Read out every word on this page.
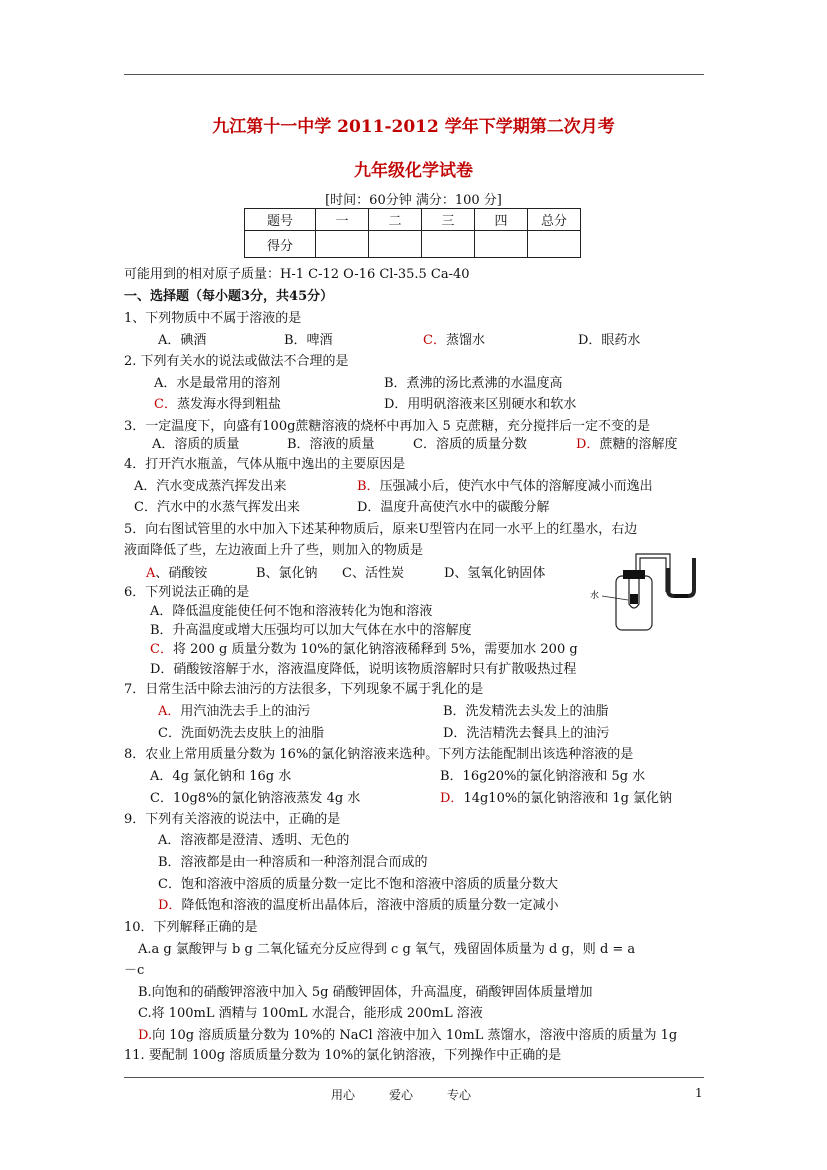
九江第十一中学 2011-2012 学年下学期第二次月考
九年级化学试卷
[时间：60分钟 满分：100 分]
题号	一	二	三	四	总分
得分					
可能用到的相对原子质量：H-1 C-12 O-16 Cl-35.5 Ca-40
一、选择题（每小题3分，共45分）
1、下列物质中不属于溶液的是
A．碘酒	B．啤酒	C．蒸馏水	D．眼药水
2. 下列有关水的说法或做法不合理的是
A．水是最常用的溶剂	B．煮沸的汤比煮沸的水温度高
C．蒸发海水得到粗盐	D．用明矾溶液来区别硬水和软水
3．一定温度下，向盛有100g蔗糖溶液的烧杯中再加入 5 克蔗糖，充分搅拌后一定不变的是
A．溶质的质量	B．溶液的质量	C．溶质的质量分数	D．蔗糖的溶解度
4．打开汽水瓶盖，气体从瓶中逸出的主要原因是
A．汽水变成蒸汽挥发出来	B．压强减小后，使汽水中气体的溶解度减小而逸出
C．汽水中的水蒸气挥发出来	D．温度升高使汽水中的碳酸分解
5．向右图试管里的水中加入下述某种物质后，原来U型管内在同一水平上的红墨水，右边
液面降低了些，左边液面上升了些，则加入的物质是
A、硝酸铵	B、氯化钠 C、活性炭	D、氢氧化钠固体
水
6．下列说法正确的是
A．降低温度能使任何不饱和溶液转化为饱和溶液
B．升高温度或增大压强均可以加大气体在水中的溶解度
C．将 200 g 质量分数为 10%的氯化钠溶液稀释到 5%，需要加水 200 g
D．硝酸铵溶解于水，溶液温度降低，说明该物质溶解时只有扩散吸热过程
7．日常生活中除去油污的方法很多，下列现象不属于乳化的是
A．用汽油洗去手上的油污	B．洗发精洗去头发上的油脂
C．洗面奶洗去皮肤上的油脂	D．洗洁精洗去餐具上的油污
8．农业上常用质量分数为 16%的氯化钠溶液来选种。下列方法能配制出该选种溶液的是
A．4g 氯化钠和 16g 水	B．16g20%的氯化钠溶液和 5g 水
C．10g8%的氯化钠溶液蒸发 4g 水	D．14g10%的氯化钠溶液和 1g 氯化钠
9．下列有关溶液的说法中，正确的是
A．溶液都是澄清、透明、无色的
B．溶液都是由一种溶质和一种溶剂混合而成的
C．饱和溶液中溶质的质量分数一定比不饱和溶液中溶质的质量分数大
D．降低饱和溶液的温度析出晶体后，溶液中溶质的质量分数一定减小
10．下列解释正确的是
A.a g 氯酸钾与 b g 二氧化锰充分反应得到 c g 氧气，残留固体质量为 d g，则 d = a
－c
B.向饱和的硝酸钾溶液中加入 5g 硝酸钾固体，升高温度，硝酸钾固体质量增加
C.将 100mL 酒精与 100mL 水混合，能形成 200mL 溶液
D.向 10g 溶质质量分数为 10%的 NaCl 溶液中加入 10mL 蒸馏水，溶液中溶质的质量为 1g
11. 要配制 100g 溶质质量分数为 10%的氯化钠溶液，下列操作中正确的是
用心	爱心	专心	1
